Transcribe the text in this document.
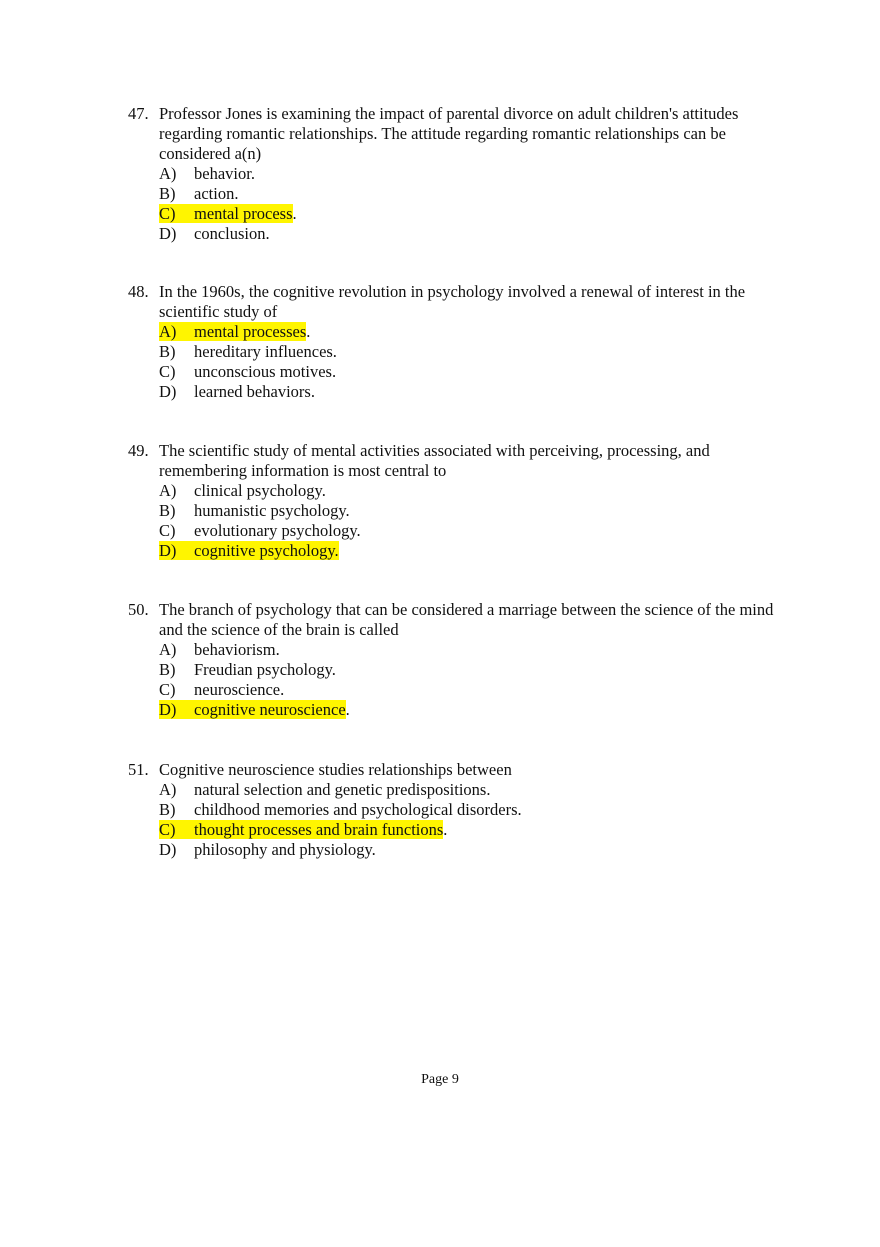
47. Professor Jones is examining the impact of parental divorce on adult children's attitudes regarding romantic relationships. The attitude regarding romantic relationships can be considered a(n)
A) behavior.
B) action.
C) mental process.
D) conclusion.
48. In the 1960s, the cognitive revolution in psychology involved a renewal of interest in the scientific study of
A) mental processes.
B) hereditary influences.
C) unconscious motives.
D) learned behaviors.
49. The scientific study of mental activities associated with perceiving, processing, and remembering information is most central to
A) clinical psychology.
B) humanistic psychology.
C) evolutionary psychology.
D) cognitive psychology.
50. The branch of psychology that can be considered a marriage between the science of the mind and the science of the brain is called
A) behaviorism.
B) Freudian psychology.
C) neuroscience.
D) cognitive neuroscience.
51. Cognitive neuroscience studies relationships between
A) natural selection and genetic predispositions.
B) childhood memories and psychological disorders.
C) thought processes and brain functions.
D) philosophy and physiology.
Page 9
